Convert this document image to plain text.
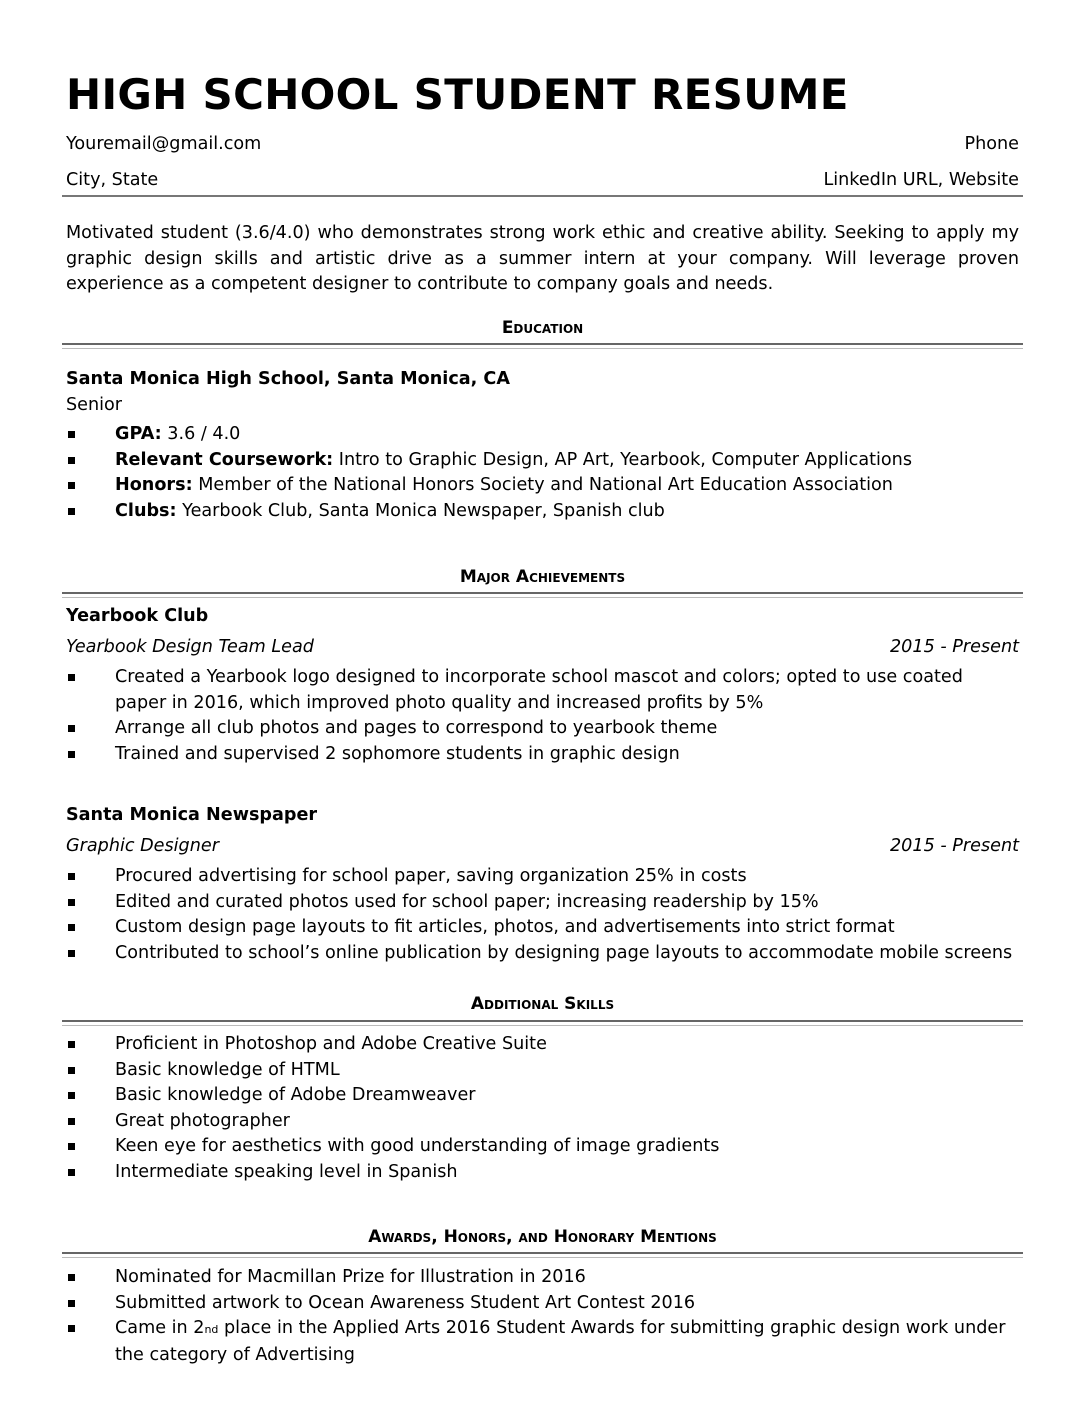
HIGH SCHOOL STUDENT RESUME
Youremail@gmail.com	Phone
City, State	LinkedIn URL, Website
Motivated student (3.6/4.0) who demonstrates strong work ethic and creative ability. Seeking to apply my graphic design skills and artistic drive as a summer intern at your company. Will leverage proven experience as a competent designer to contribute to company goals and needs.
Education
Santa Monica High School, Santa Monica, CA
Senior
GPA: 3.6 / 4.0
Relevant Coursework: Intro to Graphic Design, AP Art, Yearbook, Computer Applications
Honors: Member of the National Honors Society and National Art Education Association
Clubs: Yearbook Club, Santa Monica Newspaper, Spanish club
Major Achievements
Yearbook Club
Yearbook Design Team Lead	2015 - Present
Created a Yearbook logo designed to incorporate school mascot and colors; opted to use coated paper in 2016, which improved photo quality and increased profits by 5%
Arrange all club photos and pages to correspond to yearbook theme
Trained and supervised 2 sophomore students in graphic design
Santa Monica Newspaper
Graphic Designer	2015 - Present
Procured advertising for school paper, saving organization 25% in costs
Edited and curated photos used for school paper; increasing readership by 15%
Custom design page layouts to fit articles, photos, and advertisements into strict format
Contributed to school’s online publication by designing page layouts to accommodate mobile screens
Additional Skills
Proficient in Photoshop and Adobe Creative Suite
Basic knowledge of HTML
Basic knowledge of Adobe Dreamweaver
Great photographer
Keen eye for aesthetics with good understanding of image gradients
Intermediate speaking level in Spanish
Awards, Honors, and Honorary Mentions
Nominated for Macmillan Prize for Illustration in 2016
Submitted artwork to Ocean Awareness Student Art Contest 2016
Came in 2nd place in the Applied Arts 2016 Student Awards for submitting graphic design work under the category of Advertising
